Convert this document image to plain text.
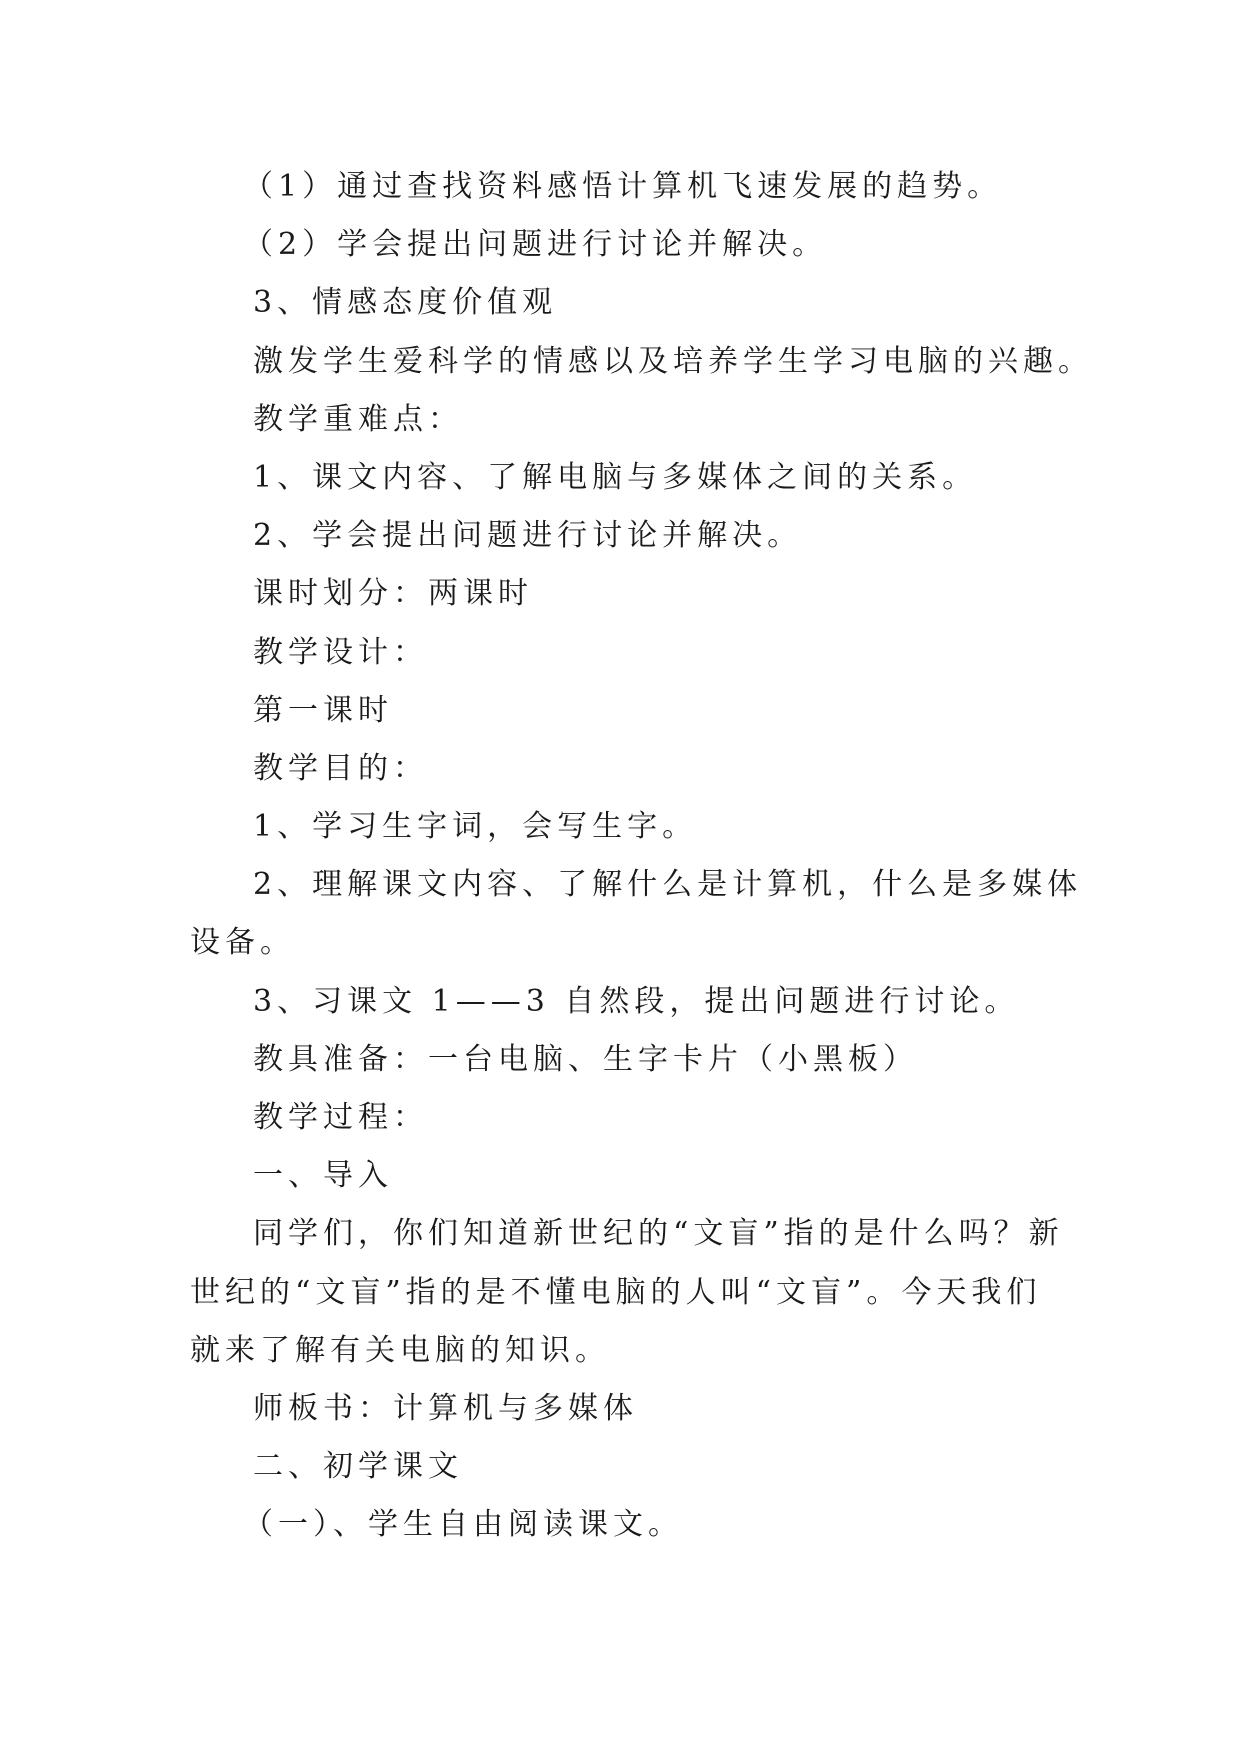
（1）通过查找资料感悟计算机飞速发展的趋势。

（2）学会提出问题进行讨论并解决。

3、情感态度价值观

激发学生爱科学的情感以及培养学生学习电脑的兴趣。

教学重难点：

1、课文内容、了解电脑与多媒体之间的关系。

2、学会提出问题进行讨论并解决。

课时划分：两课时

教学设计：

第一课时

教学目的：

1、学习生字词，会写生字。

2、理解课文内容、了解什么是计算机，什么是多媒体

设备。

3、习课文 1——3 自然段，提出问题进行讨论。

教具准备：一台电脑、生字卡片（小黑板）

教学过程：

一、导入

同学们，你们知道新世纪的“文盲”指的是什么吗？新

世纪的“文盲”指的是不懂电脑的人叫“文盲”。今天我们

就来了解有关电脑的知识。

师板书：计算机与多媒体

二、初学课文

（一）、学生自由阅读课文。
